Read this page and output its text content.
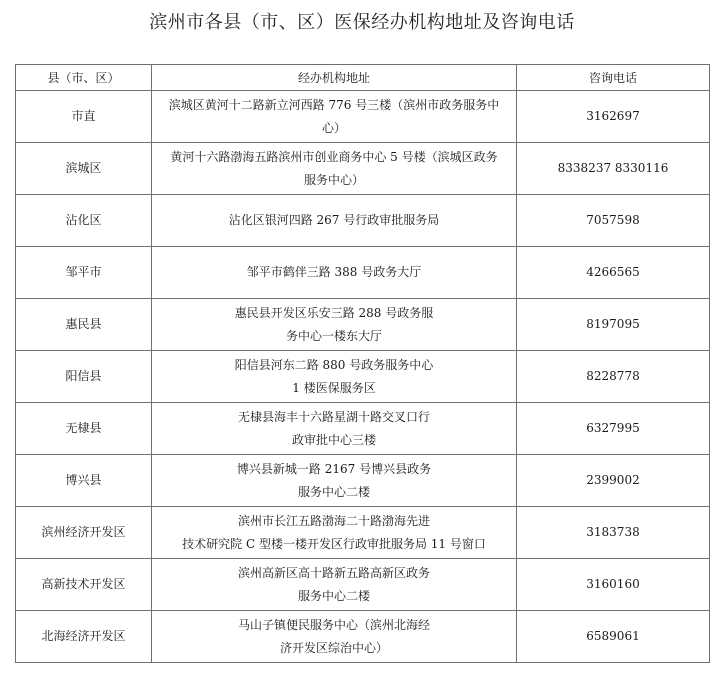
滨州市各县（市、区）医保经办机构地址及咨询电话
县（市、区）	经办机构地址	咨询电话
市直	滨城区黄河十二路新立河西路 776 号三楼（滨州市政务服务中
心）	3162697
滨城区	黄河十六路渤海五路滨州市创业商务中心 5 号楼（滨城区政务
服务中心）	8338237 8330116
沾化区	沾化区银河四路 267 号行政审批服务局	7057598
邹平市	邹平市鹤伴三路 388 号政务大厅	4266565
惠民县	惠民县开发区乐安三路 288 号政务服
务中心一楼东大厅	8197095
阳信县	阳信县河东二路 880 号政务服务中心
1 楼医保服务区	8228778
无棣县	无棣县海丰十六路星湖十路交叉口行
政审批中心三楼	6327995
博兴县	博兴县新城一路 2167 号博兴县政务
服务中心二楼	2399002
滨州经济开发区	滨州市长江五路渤海二十路渤海先进
技术研究院 C 型楼一楼开发区行政审批服务局 11 号窗口	3183738
高新技术开发区	滨州高新区高十路新五路高新区政务
服务中心二楼	3160160
北海经济开发区	马山子镇便民服务中心（滨州北海经
济开发区综治中心）	6589061
